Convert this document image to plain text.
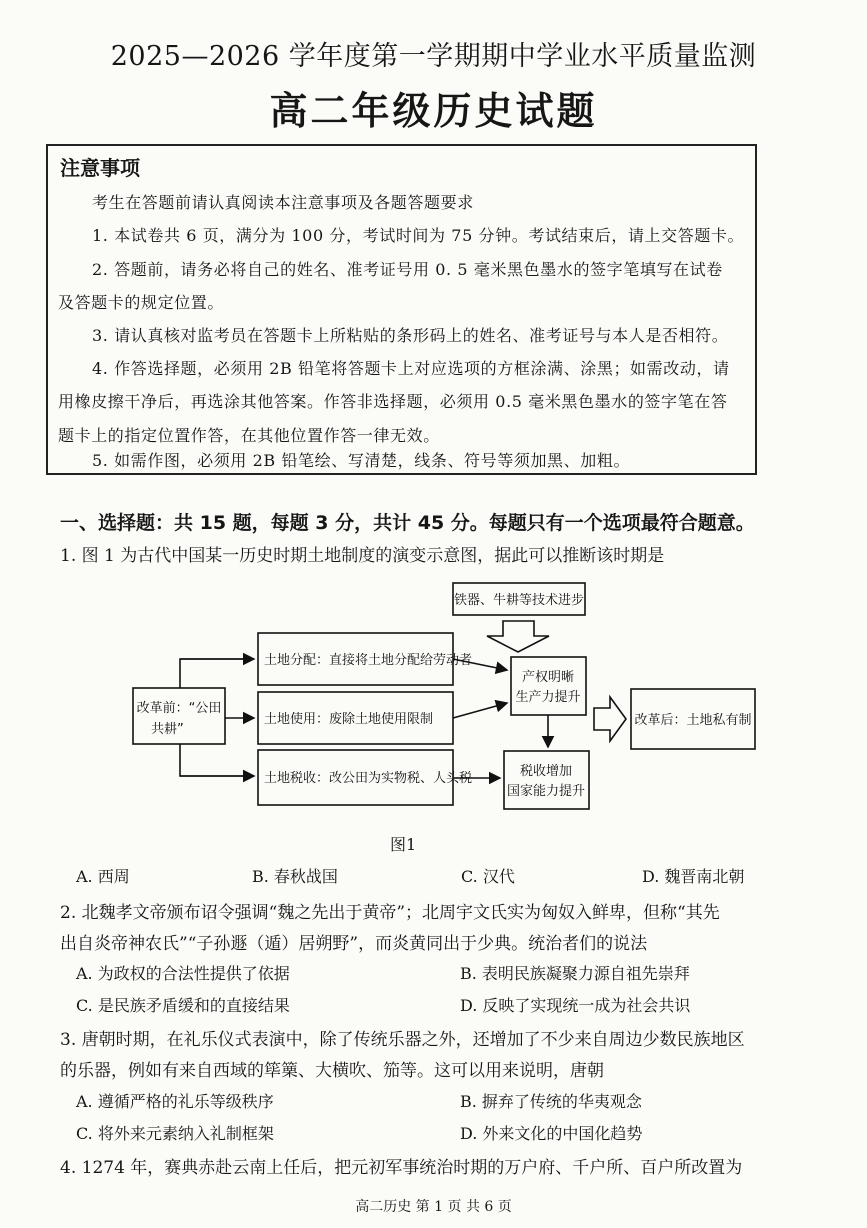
2025—2026 学年度第一学期期中学业水平质量监测
高二年级历史试题
注意事项
考生在答题前请认真阅读本注意事项及各题答题要求
1. 本试卷共 6 页，满分为 100 分，考试时间为 75 分钟。考试结束后，请上交答题卡。
2. 答题前，请务必将自己的姓名、准考证号用 0. 5 毫米黑色墨水的签字笔填写在试卷
及答题卡的规定位置。
3. 请认真核对监考员在答题卡上所粘贴的条形码上的姓名、准考证号与本人是否相符。
4. 作答选择题，必须用 2B 铅笔将答题卡上对应选项的方框涂满、涂黑；如需改动，请
用橡皮擦干净后，再选涂其他答案。作答非选择题，必须用 0.5 毫米黑色墨水的签字笔在答
题卡上的指定位置作答，在其他位置作答一律无效。
5. 如需作图，必须用 2B 铅笔绘、写清楚，线条、符号等须加黑、加粗。
一、选择题：共 15 题，每题 3 分，共计 45 分。每题只有一个选项最符合题意。
1. 图 1 为古代中国某一历史时期土地制度的演变示意图，据此可以推断该时期是
铁器、牛耕等技术进步
改革前：“公田
共耕”
土地分配：直接将土地分配给劳动者
土地使用：废除土地使用限制
土地税收：改公田为实物税、人头税
产权明晰
生产力提升
税收增加
国家能力提升
改革后：土地私有制
图1
A. 西周	B. 春秋战国	C. 汉代	D. 魏晋南北朝
2. 北魏孝文帝颁布诏令强调“魏之先出于黄帝”；北周宇文氏实为匈奴入鲜卑，但称“其先
出自炎帝神农氏”“子孙遯（遁）居朔野”，而炎黄同出于少典。统治者们的说法
A. 为政权的合法性提供了依据	B. 表明民族凝聚力源自祖先崇拜
C. 是民族矛盾缓和的直接结果	D. 反映了实现统一成为社会共识
3. 唐朝时期，在礼乐仪式表演中，除了传统乐器之外，还增加了不少来自周边少数民族地区
的乐器，例如有来自西域的筚篥、大横吹、笳等。这可以用来说明，唐朝
A. 遵循严格的礼乐等级秩序	B. 摒弃了传统的华夷观念
C. 将外来元素纳入礼制框架	D. 外来文化的中国化趋势
4. 1274 年，赛典赤赴云南上任后，把元初军事统治时期的万户府、千户所、百户所改置为
高二历史 第 1 页 共 6 页
